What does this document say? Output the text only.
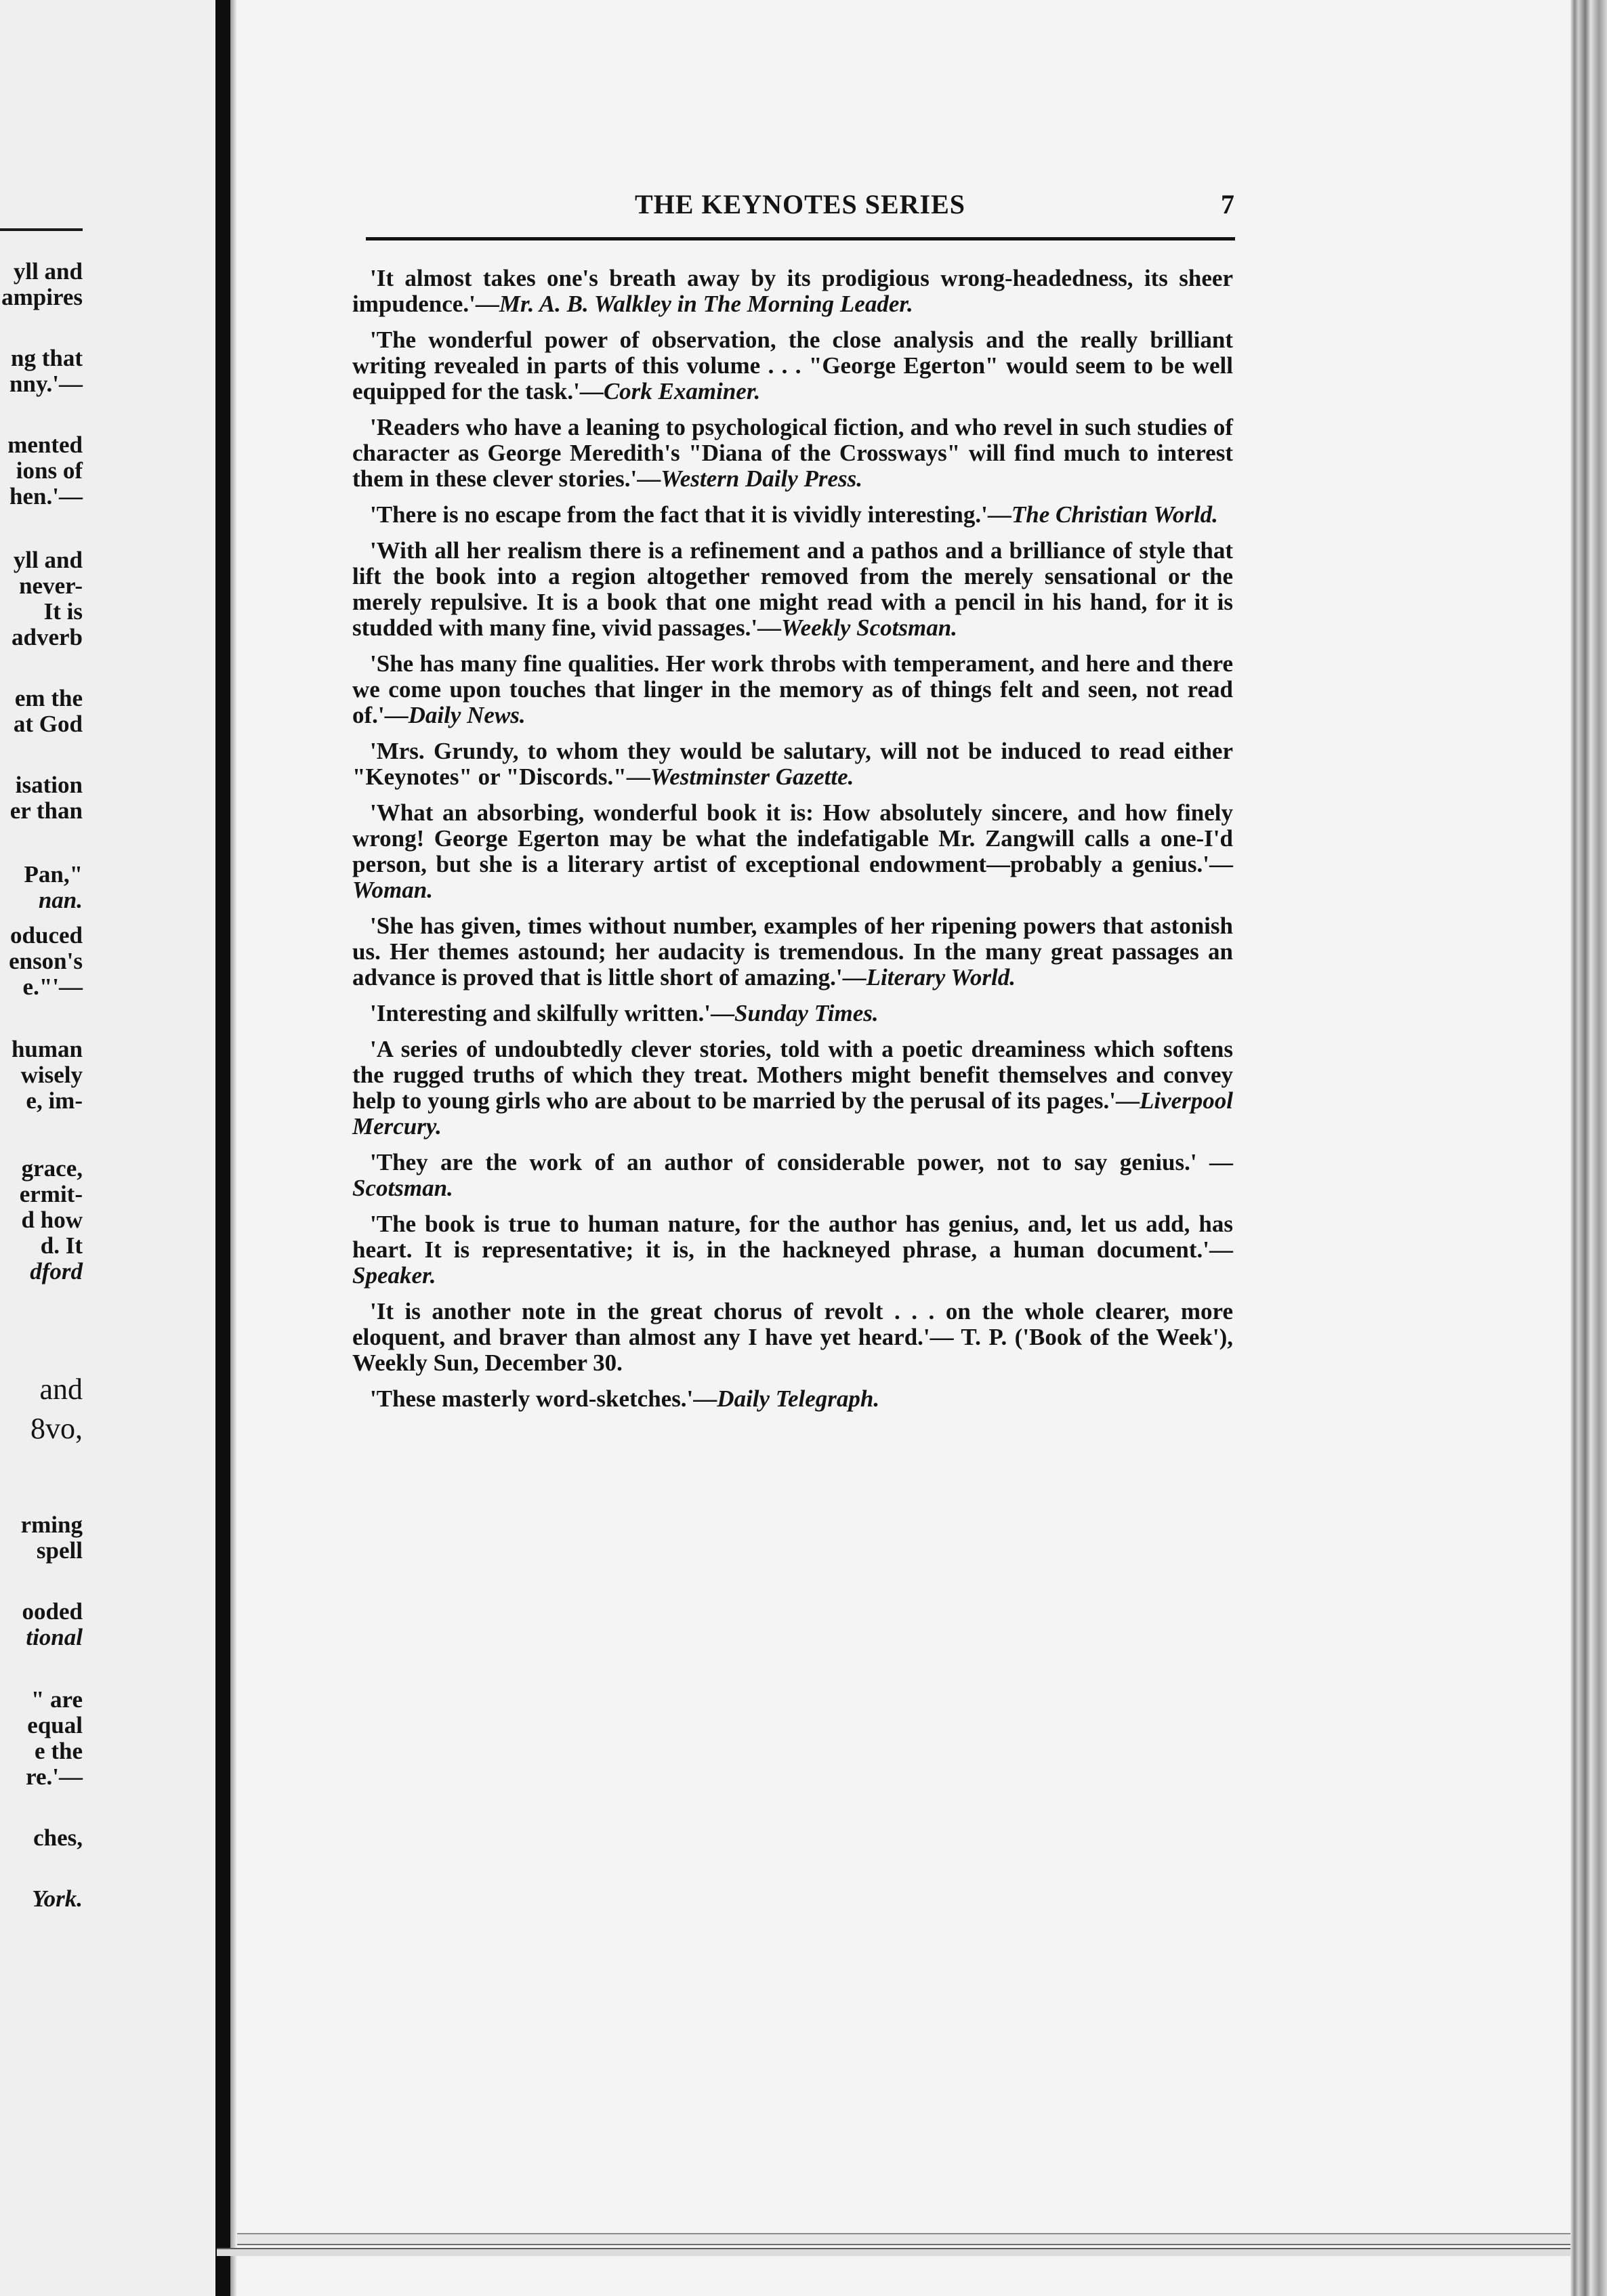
yll and
ampires
ng that
nny.'—
mented
ions of
hen.'—
yll and
never-
It is
adverb
em the
at God
isation
er than
Pan,"
nan.
oduced
enson's
e."'—
human
wisely
e, im-
grace,
ermit-
d how
d. It
dford
and
8vo,
rming
spell
ooded
tional
" are
equal
e the
re.'—
ches,
York.
THE KEYNOTES SERIES	7

'It almost takes one's breath away by its prodigious wrong-headedness, its sheer impudence.'—Mr. A. B. Walkley in The Morning Leader.

'The wonderful power of observation, the close analysis and the really brilliant writing revealed in parts of this volume . . . "George Egerton" would seem to be well equipped for the task.'—Cork Examiner.

'Readers who have a leaning to psychological fiction, and who revel in such studies of character as George Meredith's "Diana of the Crossways" will find much to interest them in these clever stories.'—Western Daily Press.

'There is no escape from the fact that it is vividly interesting.'—The Christian World.

'With all her realism there is a refinement and a pathos and a brilliance of style that lift the book into a region altogether removed from the merely sensational or the merely repulsive. It is a book that one might read with a pencil in his hand, for it is studded with many fine, vivid passages.'—Weekly Scotsman.

'She has many fine qualities. Her work throbs with temperament, and here and there we come upon touches that linger in the memory as of things felt and seen, not read of.'—Daily News.

'Mrs. Grundy, to whom they would be salutary, will not be induced to read either "Keynotes" or "Discords."—Westminster Gazette.

'What an absorbing, wonderful book it is: How absolutely sincere, and how finely wrong! George Egerton may be what the indefatigable Mr. Zangwill calls a one-I'd person, but she is a literary artist of exceptional endowment—probably a genius.'—Woman.

'She has given, times without number, examples of her ripening powers that astonish us. Her themes astound; her audacity is tremendous. In the many great passages an advance is proved that is little short of amazing.'—Literary World.

'Interesting and skilfully written.'—Sunday Times.

'A series of undoubtedly clever stories, told with a poetic dreaminess which softens the rugged truths of which they treat. Mothers might benefit themselves and convey help to young girls who are about to be married by the perusal of its pages.'—Liverpool Mercury.

'They are the work of an author of considerable power, not to say genius.' —Scotsman.

'The book is true to human nature, for the author has genius, and, let us add, has heart. It is representative; it is, in the hackneyed phrase, a human document.'—Speaker.

'It is another note in the great chorus of revolt . . . on the whole clearer, more eloquent, and braver than almost any I have yet heard.'— T. P. ('Book of the Week'), Weekly Sun, December 30.

'These masterly word-sketches.'—Daily Telegraph.
